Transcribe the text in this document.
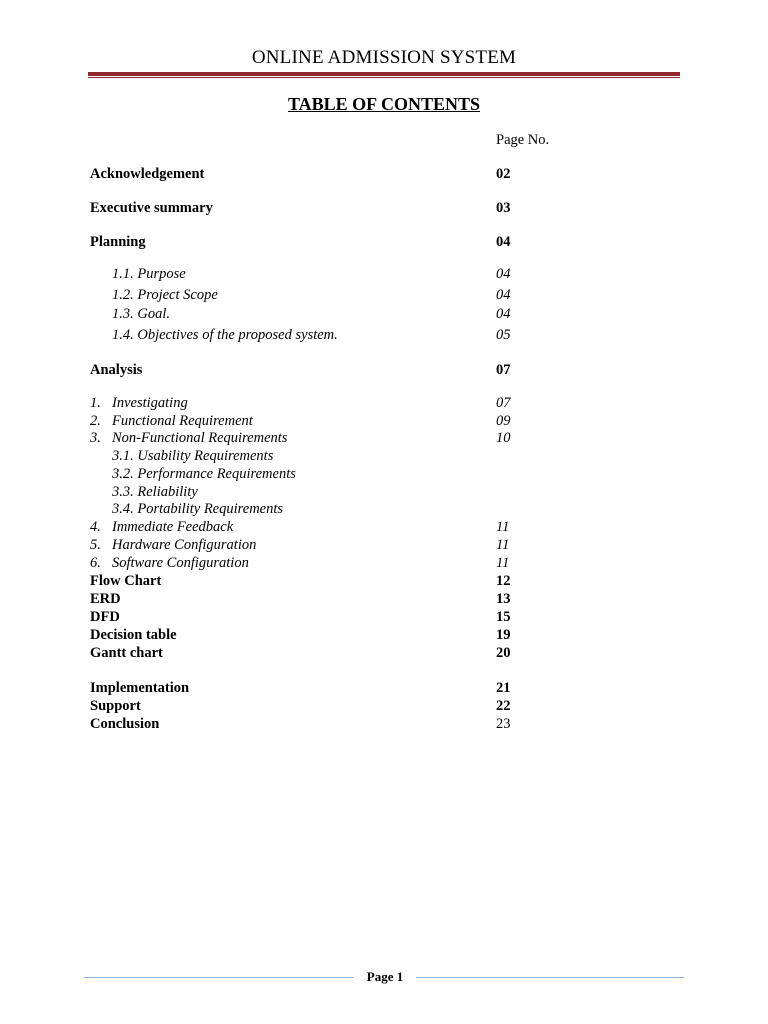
ONLINE ADMISSION SYSTEM
TABLE OF CONTENTS
Page No.
Acknowledgement	02
Executive summary	03
Planning	04
1.1. Purpose	04
1.2. Project Scope	04
1.3. Goal.	04
1.4. Objectives of the proposed system.	05
Analysis	07
1. Investigating	07
2. Functional Requirement	09
3. Non-Functional Requirements	10
3.1. Usability Requirements
3.2. Performance Requirements
3.3. Reliability
3.4. Portability Requirements
4. Immediate Feedback	11
5. Hardware Configuration	11
6. Software Configuration	11
Flow Chart	12
ERD	13
DFD	15
Decision table	19
Gantt chart	20
Implementation	21
Support	22
Conclusion	23
Page 1
